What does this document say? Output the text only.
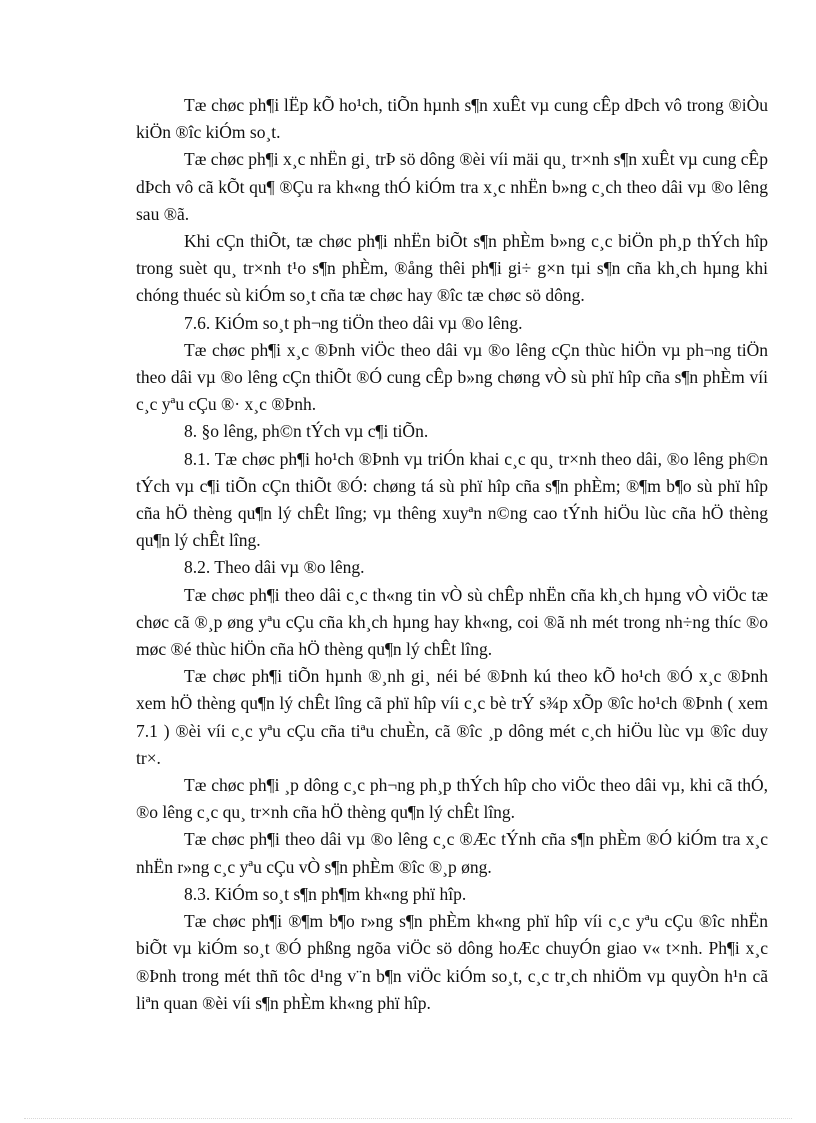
Tæ chøc ph¶i lËp kÕ ho¹ch, tiÕn hµnh s¶n xuÊt vµ cung cÊp dÞch vô trong ®iÒu kiÖn ®îc kiÓm so¸t.

Tæ chøc ph¶i x¸c nhËn gi¸ trÞ sö dông ®èi víi mäi qu¸ tr×nh s¶n xuÊt vµ cung cÊp dÞch vô cã kÕt qu¶ ®Çu ra kh«ng thÓ kiÓm tra x¸c nhËn b»ng c¸ch theo dâi vµ ®o lêng sau ®ã.

Khi cÇn thiÕt, tæ chøc ph¶i nhËn biÕt s¶n phÈm b»ng c¸c biÖn ph¸p thÝch hîp trong suèt qu¸ tr×nh t¹o s¶n phÈm, ®ång thêi ph¶i gi÷ g×n tµi s¶n cña kh¸ch hµng khi chóng thuéc sù kiÓm so¸t cña tæ chøc hay ®îc tæ chøc sö dông.

7.6. KiÓm so¸t ph¬ng tiÖn theo dâi vµ ®o lêng.

Tæ chøc ph¶i x¸c ®Þnh viÖc theo dâi vµ ®o lêng cÇn thùc hiÖn vµ ph¬ng tiÖn theo dâi vµ ®o lêng cÇn thiÕt ®Ó cung cÊp b»ng chøng vÒ sù phï hîp cña s¶n phÈm víi c¸c yªu cÇu ®· x¸c ®Þnh.

8. §o lêng, ph©n tÝch vµ c¶i tiÕn.

8.1. Tæ chøc ph¶i ho¹ch ®Þnh vµ triÓn khai c¸c qu¸ tr×nh theo dâi, ®o lêng ph©n tÝch vµ c¶i tiÕn cÇn thiÕt ®Ó: chøng tá sù phï hîp cña s¶n phÈm; ®¶m b¶o sù phï hîp cña hÖ thèng qu¶n lý chÊt lîng; vµ thêng xuyªn n©ng cao tÝnh hiÖu lùc cña hÖ thèng qu¶n lý chÊt lîng.

8.2. Theo dâi vµ ®o lêng.

Tæ chøc ph¶i theo dâi c¸c th«ng tin vÒ sù chÊp nhËn cña kh¸ch hµng vÒ viÖc tæ chøc cã ®¸p øng yªu cÇu cña kh¸ch hµng hay kh«ng, coi ®ã nh mét trong nh÷ng thíc ®o møc ®é thùc hiÖn cña hÖ thèng qu¶n lý chÊt lîng.

Tæ chøc ph¶i tiÕn hµnh ®¸nh gi¸ néi bé ®Þnh kú theo kÕ ho¹ch ®Ó x¸c ®Þnh xem hÖ thèng qu¶n lý chÊt lîng cã phï hîp víi c¸c bè trÝ s¾p xÕp ®îc ho¹ch ®Þnh ( xem 7.1 ) ®èi víi c¸c yªu cÇu cña tiªu chuÈn, cã ®îc ¸p dông mét c¸ch hiÖu lùc vµ ®îc duy tr×.

Tæ chøc ph¶i ¸p dông c¸c ph¬ng ph¸p thÝch hîp cho viÖc theo dâi vµ, khi cã thÓ, ®o lêng c¸c qu¸ tr×nh cña hÖ thèng qu¶n lý chÊt lîng.

Tæ chøc ph¶i theo dâi vµ ®o lêng c¸c ®Æc tÝnh cña s¶n phÈm ®Ó kiÓm tra x¸c nhËn r»ng c¸c yªu cÇu vÒ s¶n phÈm ®îc ®¸p øng.

8.3. KiÓm so¸t s¶n ph¶m kh«ng phï hîp.

Tæ chøc ph¶i ®¶m b¶o r»ng s¶n phÈm kh«ng phï hîp víi c¸c yªu cÇu ®îc nhËn biÕt vµ kiÓm so¸t ®Ó phßng ngõa viÖc sö dông hoÆc chuyÓn giao v« t×nh. Ph¶i x¸c ®Þnh trong mét thñ tôc d¹ng v¨n b¶n viÖc kiÓm so¸t, c¸c tr¸ch nhiÖm vµ quyÒn h¹n cã liªn quan ®èi víi s¶n phÈm kh«ng phï hîp.
